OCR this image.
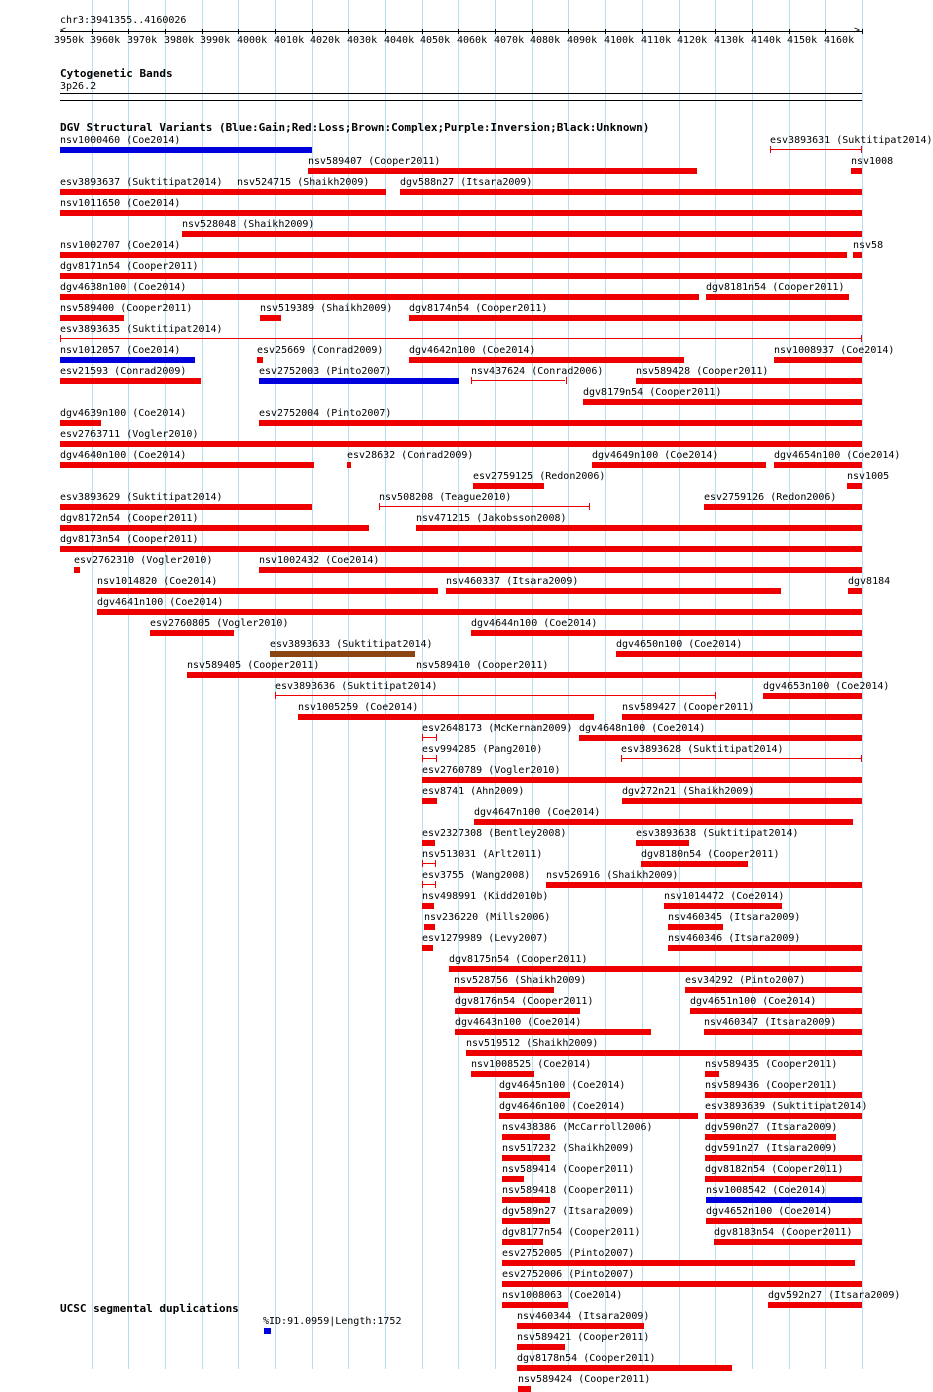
chr3:3941355..4160026
<	>
3950k 3960k 3970k 3980k 3990k 4000k 4010k 4020k 4030k 4040k 4050k 4060k 4070k 4080k 4090k 4100k 4110k 4120k 4130k 4140k 4150k 4160k
Cytogenetic Bands
3p26.2
DGV Structural Variants (Blue:Gain;Red:Loss;Brown:Complex;Purple:Inversion;Black:Unknown)
nsv1000460 (Coe2014)
nsv589407 (Cooper2011)
esv3893631 (Suktitipat2014)
esv3893637 (Suktitipat2014) nsv524715 (Shaikh2009)	dgv588n27 (Itsara2009)
nsv1011650 (Coe2014)
nsv528048 (Shaikh2009)
nsv1002707 (Coe2014)
nsv1008
dgv8171n54 (Cooper2011)
dgv4638n100 (Coe2014)	dgv8181n54 (Cooper2011)
nsv58
nsv589400 (Cooper2011)	nsv519389 (Shaikh2009) dgv8174n54 (Cooper2011)
esv3893635 (Suktitipat2014)
nsv1012057 (Coe2014)	esv25669 (Conrad2009)	dgv4642n100 (Coe2014)	nsv1008937 (Coe2014)
esv21593 (Conrad2009)	esv2752003 (Pinto2007)	nsv437624 (Conrad2006)
dgv8179n54 (Cooper2011)
dgv4639n100 (Coe2014)	esv2752004 (Pinto2007)
esv2763711 (Vogler2010)
dgv4640n100 (Coe2014)	esv28632 (Conrad2009)
esv2759125 (Redon2006)
nsv589428 (Cooper2011)
esv3893629 (Suktitipat2014)	nsv508208 (Teague2010)
dgv4649n100 (Coe2014)	dgv4654n100 (Coe2014)
dgv8172n54 (Cooper2011)	nsv471215 (Jakobsson2008)
dgv8173n54 (Cooper2011)
esv2762310 (Vogler2010)	nsv1002432 (Coe2014)
nsv1014820 (Coe2014)	nsv460337 (Itsara2009)
nsv1005
dgv4641n100 (Coe2014)
esv2760805 (Vogler2010)
esv3893633 (Suktitipat2014)
dgv4644n100 (Coe2014)
nsv589405 (Cooper2011)	nsv589410 (Cooper2011)
esv3893636 (Suktitipat2014)
esv2759126 (Redon2006)
nsv1005259 (Coe2014)
dgv4650n100 (Coe2014)
esv2648173 (McKernan2009) dgv4648n100 (Coe2014)
esv994285 (Pang2010)
nsv589427 (Cooper2011)
esv2760789 (Vogler2010)
esv8741 (Ahn2009)
dgv4647n100 (Coe2014)
esv2327308 (Bentley2008)
esv3893628 (Suktitipat2014)
nsv513031 (Arlt2011)
dgv272n21 (Shaikh2009)
esv3755 (Wang2008) nsv526916 (Shaikh2009)
nsv498991 (Kidd2010b)
esv3893638 (Suktitipat2014)
dgv8184
nsv236220 (Mills2006)
dgv8180n54 (Cooper2011)
esv1279989 (Levy2007)
nsv1014472 (Coe2014)
dgv8175n54 (Cooper2011)
nsv528756 (Shaikh2009)
nsv460345 (Itsara2009)
dgv8176n54 (Cooper2011)
nsv460346 (Itsara2009)
dgv4643n100 (Coe2014)
esv34292 (Pinto2007)
nsv519512 (Shaikh2009)
nsv1008525 (Coe2014)
dgv4651n100 (Coe2014)
dgv4645n100 (Coe2014)
nsv460347 (Itsara2009)
dgv4646n100 (Coe2014)
dgv4653n100 (Coe2014)
nsv438386 (McCarroll2006)
nsv589435 (Cooper2011)
nsv517232 (Shaikh2009)
nsv589436 (Cooper2011)
nsv589414 (Cooper2011)
esv3893639 (Suktitipat2014)
nsv589418 (Cooper2011)
dgv590n27 (Itsara2009)
dgv589n27 (Itsara2009)
dgv591n27 (Itsara2009)
dgv8177n54 (Cooper2011)
dgv8182n54 (Cooper2011)
esv2752005 (Pinto2007)
esv2752006 (Pinto2007)
nsv1008063 (Coe2014)
nsv1008542 (Coe2014)
nsv460344 (Itsara2009)
dgv4652n100 (Coe2014)
nsv589421 (Cooper2011)
dgv8183n54 (Cooper2011)
dgv8178n54 (Cooper2011)
dgv592n27 (Itsara2009)
nsv589424 (Cooper2011)
UCSC segmental duplications
%ID:91.0959|Length:1752
